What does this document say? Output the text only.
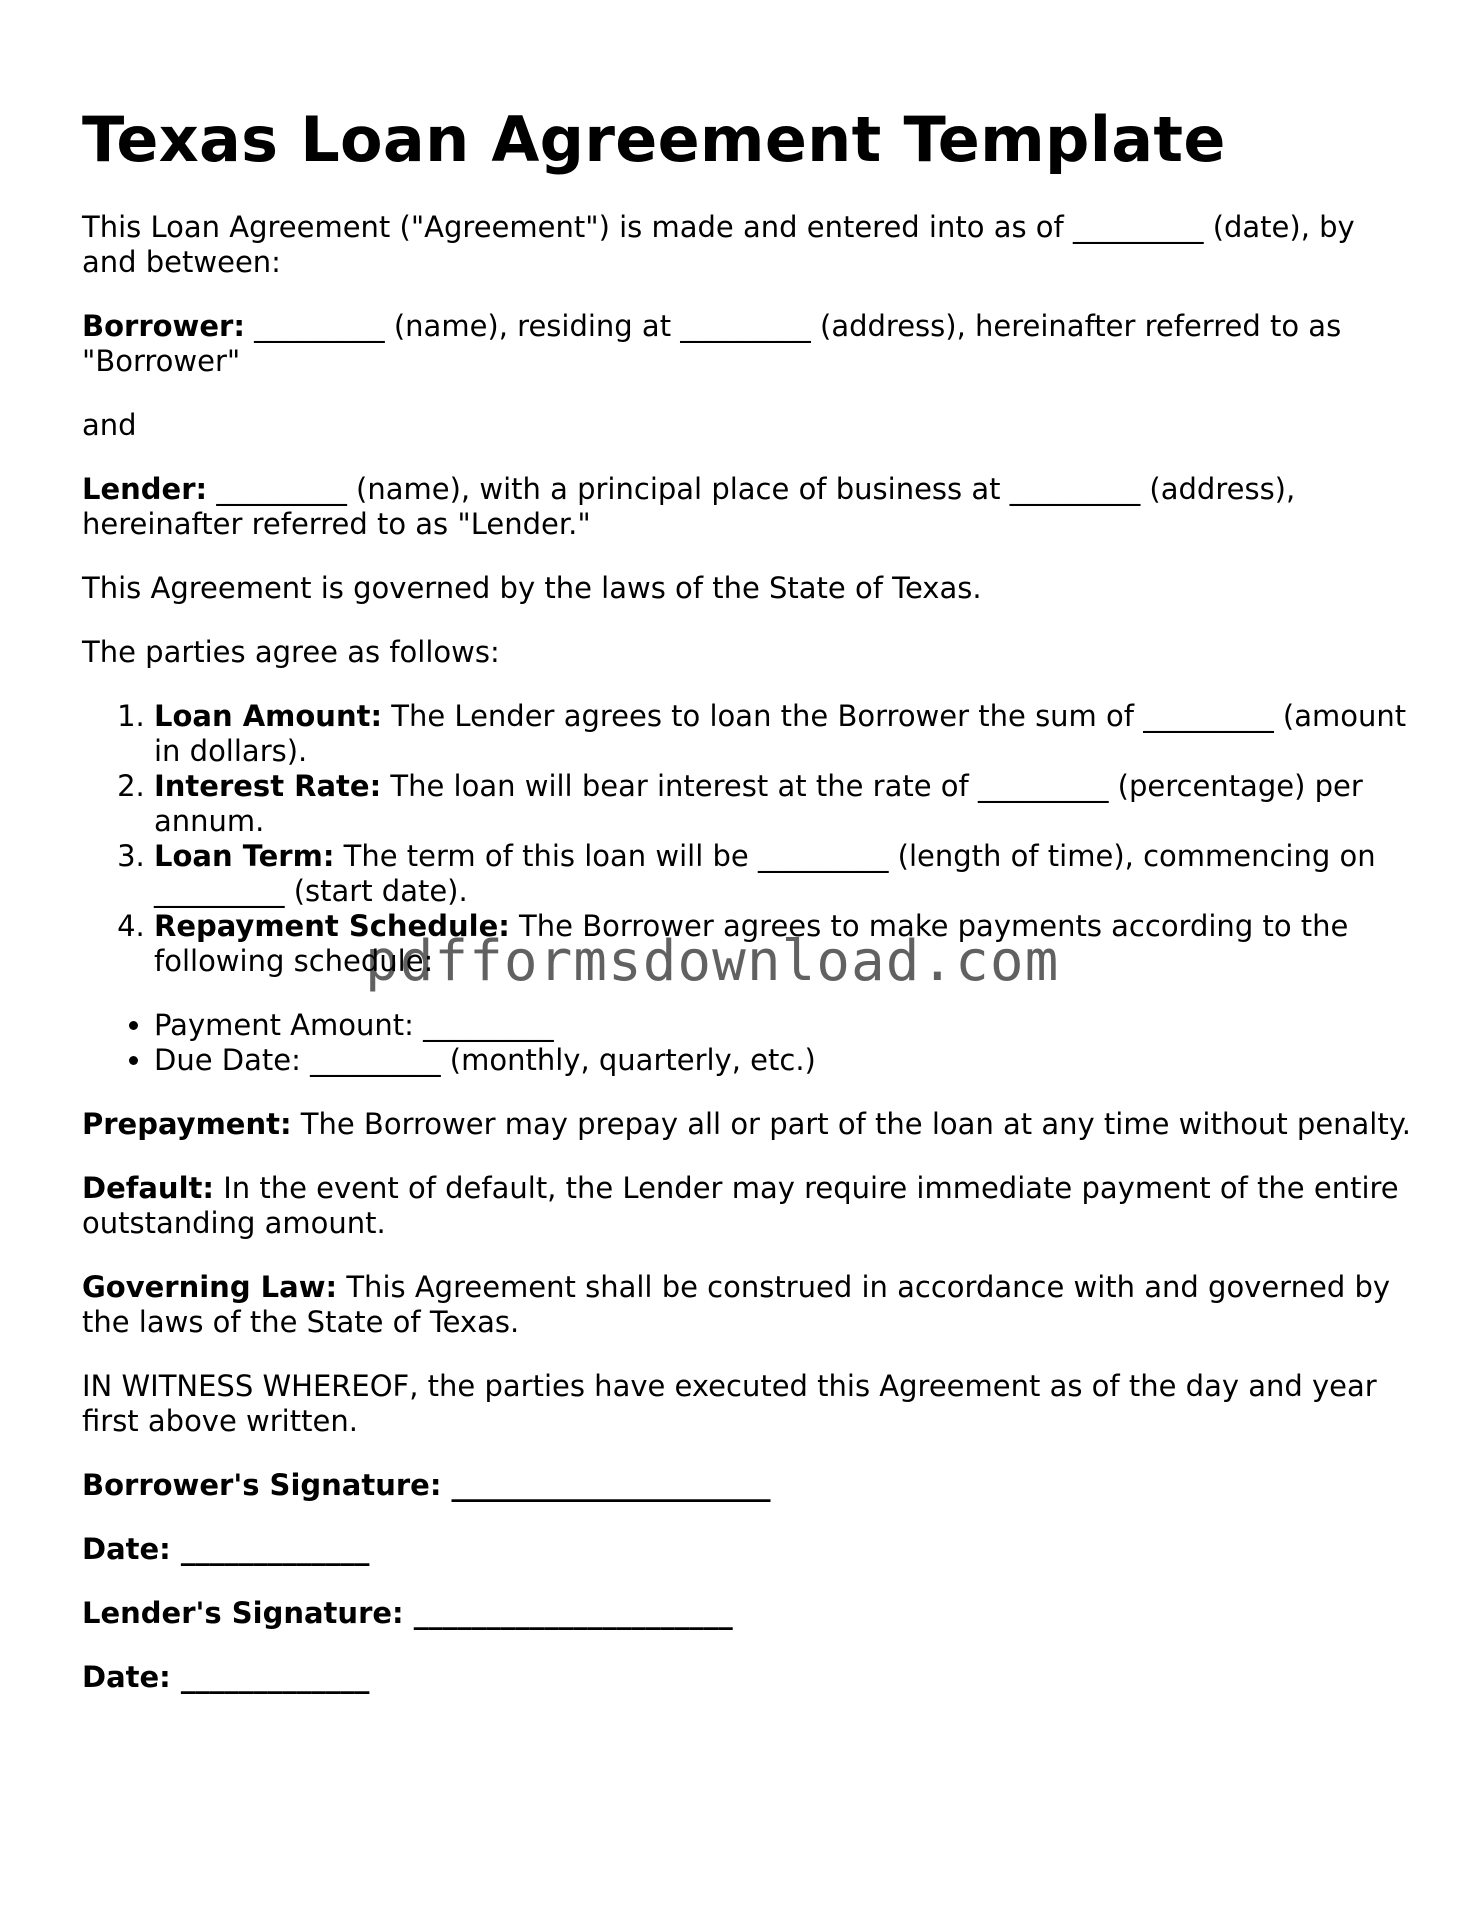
Texas Loan Agreement Template

This Loan Agreement ("Agreement") is made and entered into as of _________ (date), by and between:

Borrower: _________ (name), residing at _________ (address), hereinafter referred to as "Borrower"

and

Lender: _________ (name), with a principal place of business at _________ (address), hereinafter referred to as "Lender."

This Agreement is governed by the laws of the State of Texas.

The parties agree as follows:

1. Loan Amount: The Lender agrees to loan the Borrower the sum of _________ (amount in dollars).
2. Interest Rate: The loan will bear interest at the rate of _________ (percentage) per annum.
3. Loan Term: The term of this loan will be _________ (length of time), commencing on _________ (start date).
4. Repayment Schedule: The Borrower agrees to make payments according to the following schedule:
• Payment Amount: _________
• Due Date: _________ (monthly, quarterly, etc.)

Prepayment: The Borrower may prepay all or part of the loan at any time without penalty.

Default: In the event of default, the Lender may require immediate payment of the entire outstanding amount.

Governing Law: This Agreement shall be construed in accordance with and governed by the laws of the State of Texas.

IN WITNESS WHEREOF, the parties have executed this Agreement as of the day and year first above written.

Borrower's Signature: ______________________

Date: _____________

Lender's Signature: ______________________

Date: _____________

pdfformsdownload.com
